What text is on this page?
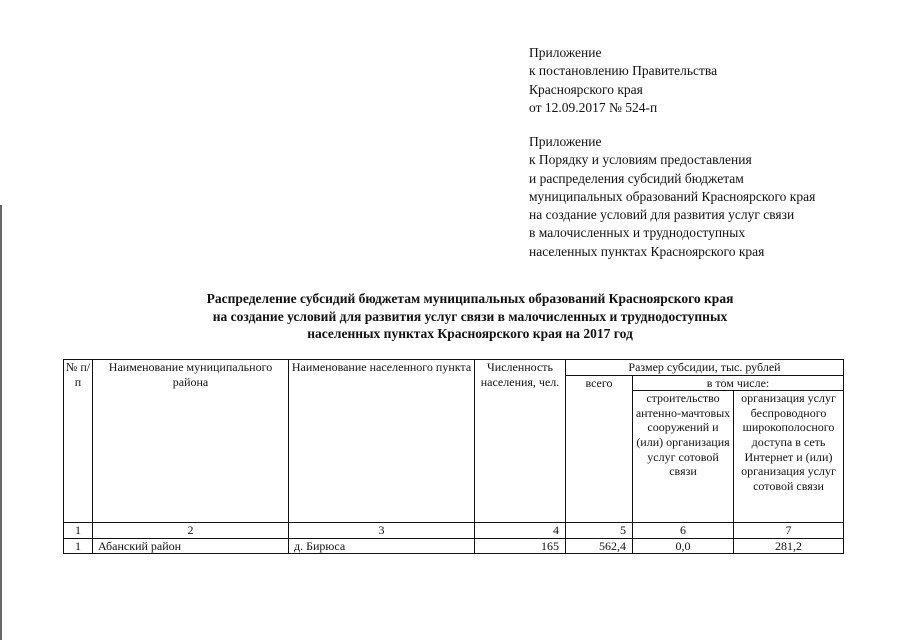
Приложение
к постановлению Правительства
Красноярского края
от 12.09.2017 № 524-п
Приложение
к Порядку и условиям предоставления
и распределения субсидий бюджетам
муниципальных образований Красноярского края
на создание условий для развития услуг связи
в малочисленных и труднодоступных
населенных пунктах Красноярского края
Распределение субсидий бюджетам муниципальных образований Красноярского края
на создание условий для развития услуг связи в малочисленных и труднодоступных
населенных пунктах Красноярского края на 2017 год
№ п/п	Наименование муниципального района	Наименование населенного пункта	Численность населения, чел.	Размер субсидии, тыс. рублей		
				всего	в том числе:	
					строительство антенно-мачтовых сооружений и (или) организация услуг сотовой связи	организация услуг беспроводного широкополосного доступа в сеть Интернет и (или) организация услуг сотовой связи
1	2	3	4	5	6	7
1	Абанский район	д. Бирюса	165	562,4	0,0	281,2
